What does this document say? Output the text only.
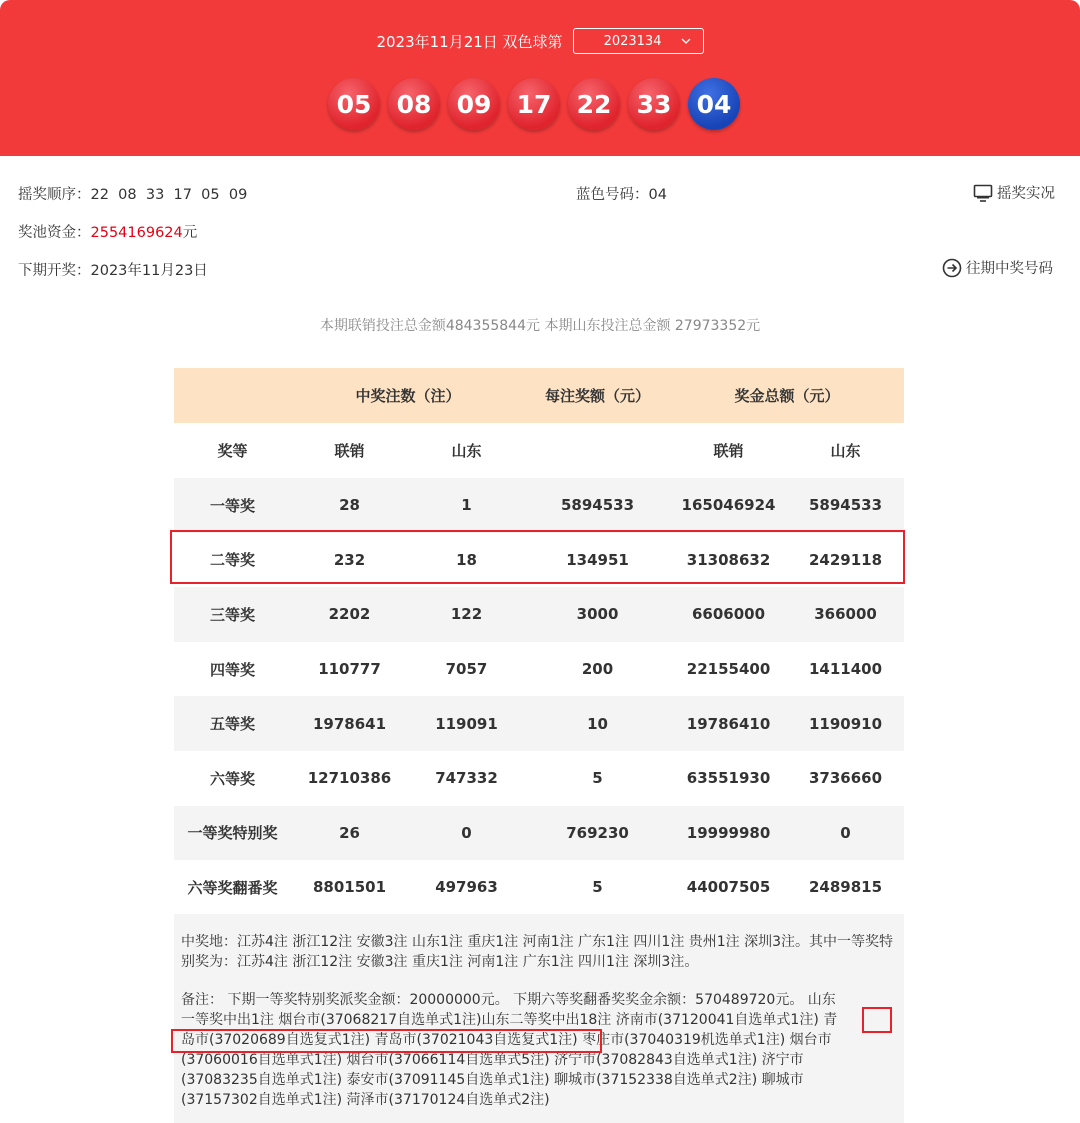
2023年11月21日 双色球第	2023134
05	08	09	17	22	33	04
摇奖顺序：22  08  33  17  05  09	蓝色号码：04	摇奖实况
奖池资金：2554169624元
下期开奖：2023年11月23日	往期中奖号码
本期联销投注总金额484355844元 本期山东投注总金额 27973352元
	中奖注数（注）		每注奖额（元）	奖金总额（元）	
奖等	联销	山东		联销	山东
一等奖	28	1	5894533	165046924	5894533
二等奖	232	18	134951	31308632	2429118
三等奖	2202	122	3000	6606000	366000
四等奖	110777	7057	200	22155400	1411400
五等奖	1978641	119091	10	19786410	1190910
六等奖	12710386	747332	5	63551930	3736660
一等奖特别奖	26	0	769230	19999980	0
六等奖翻番奖	8801501	497963	5	44007505	2489815
中奖地：江苏4注 浙江12注 安徽3注 山东1注 重庆1注 河南1注 广东1注 四川1注 贵州1注 深圳3注。其中一等奖特别奖为：江苏4注 浙江12注 安徽3注 重庆1注 河南1注 广东1注 四川1注 深圳3注。
备注： 下期一等奖特别奖派奖金额：20000000元。 下期六等奖翻番奖奖金余额：570489720元。 山东
一等奖中出1注 烟台市(37068217自选单式1注)山东二等奖中出18注 济南市(37120041自选单式1注) 青
岛市(37020689自选复式1注) 青岛市(37021043自选复式1注) 枣庄市(37040319机选单式1注) 烟台市
(37060016自选单式1注) 烟台市(37066114自选单式5注) 济宁市(37082843自选单式1注) 济宁市
(37083235自选单式1注) 泰安市(37091145自选单式1注) 聊城市(37152338自选单式2注) 聊城市
(37157302自选单式1注) 菏泽市(37170124自选单式2注)
